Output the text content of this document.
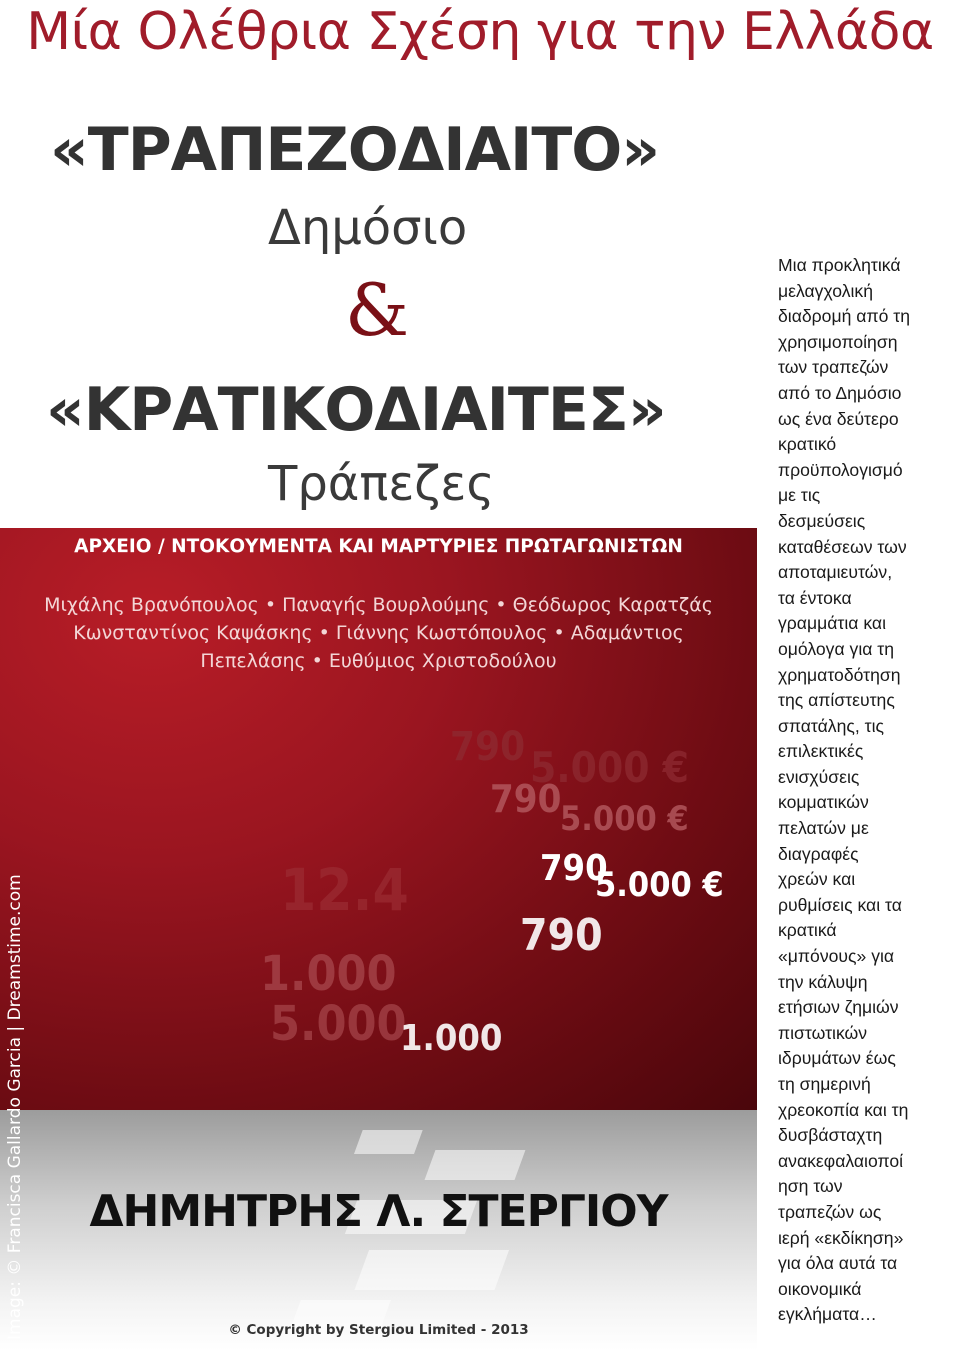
Μία Ολέθρια Σχέση για την Ελλάδα
«ΤΡΑΠΕΖΟΔΙΑΙΤΟ»
Δημόσιο
&
«ΚΡΑΤΙΚΟΔΙΑΙΤΕΣ»
Τράπεζες
ΑΡΧΕΙΟ / ΝΤΟΚΟΥΜΕΝΤΑ ΚΑΙ ΜΑΡΤΥΡΙΕΣ ΠΡΩΤΑΓΩΝΙΣΤΩΝ
Μιχάλης Βρανόπουλος • Παναγής Βουρλούμης • Θεόδωρος Καρατζάς
Κωνσταντίνος Καψάσκης • Γιάννης Κωστόπουλος • Αδαμάντιος
Πεπελάσης • Ευθύμιος Χριστοδούλου
790 5.000 €
790
5.000 €
790
5.000 €
12.4
790
1.000
5.000
1.000
ΔΗΜΗΤΡΗΣ Λ. ΣΤΕΡΓΙΟΥ
© Copyright by Stergiou Limited - 2013
Image: © Francisca Gallardo Garcia | Dreamstime.com
Μια προκλητικά
μελαγχολική
διαδρομή από τη
χρησιμοποίηση
των τραπεζών
από το Δημόσιο
ως ένα δεύτερο
κρατικό
προϋπολογισμό
με τις
δεσμεύσεις
καταθέσεων των
αποταμιευτών,
τα έντοκα
γραμμάτια και
ομόλογα για τη
χρηματοδότηση
της απίστευτης
σπατάλης, τις
επιλεκτικές
ενισχύσεις
κομματικών
πελατών με
διαγραφές
χρεών και
ρυθμίσεις και τα
κρατικά
«μπόνους» για
την κάλυψη
ετήσιων ζημιών
πιστωτικών
ιδρυμάτων έως
τη σημερινή
χρεοκοπία και τη
δυσβάσταχτη
ανακεφαλαιοποί
ηση των
τραπεζών ως
ιερή «εκδίκηση»
για όλα αυτά τα
οικονομικά
εγκλήματα…
